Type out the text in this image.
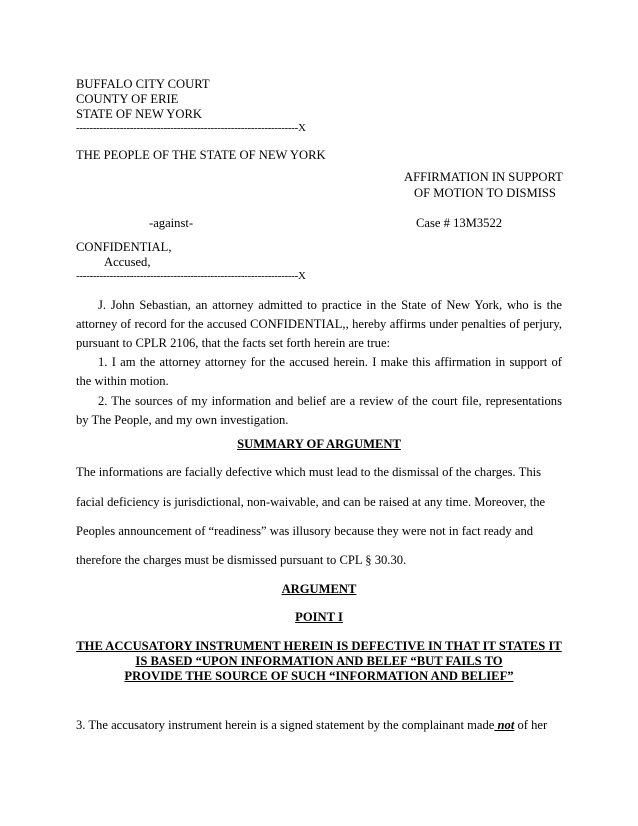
BUFFALO CITY COURT
COUNTY OF ERIE
STATE OF NEW YORK
------------------------------------------------------------------X
THE PEOPLE OF THE STATE OF NEW YORK
AFFIRMATION IN SUPPORT
OF MOTION TO DISMISS
-against-	Case # 13M3522
CONFIDENTIAL,
Accused,
------------------------------------------------------------------X
J. John Sebastian, an attorney admitted to practice in the State of New York, who is the attorney of record for the accused CONFIDENTIAL,, hereby affirms under penalties of perjury, pursuant to CPLR 2106, that the facts set forth herein are true:
1. I am the attorney attorney for the accused herein. I make this affirmation in support of the within motion.
2. The sources of my information and belief are a review of the court file, representations by The People, and my own investigation.
SUMMARY OF ARGUMENT
The informations are facially defective which must lead to the dismissal of the charges. This
facial deficiency is jurisdictional, non-waivable, and can be raised at any time. Moreover, the
Peoples announcement of “readiness” was illusory because they were not in fact ready and
therefore the charges must be dismissed pursuant to CPL § 30.30.
ARGUMENT
POINT I
THE ACCUSATORY INSTRUMENT HEREIN IS DEFECTIVE IN THAT IT STATES IT
IS BASED “UPON INFORMATION AND BELEF “BUT FAILS TO
PROVIDE THE SOURCE OF SUCH “INFORMATION AND BELIEF”
3. The accusatory instrument herein is a signed statement by the complainant made not of her
